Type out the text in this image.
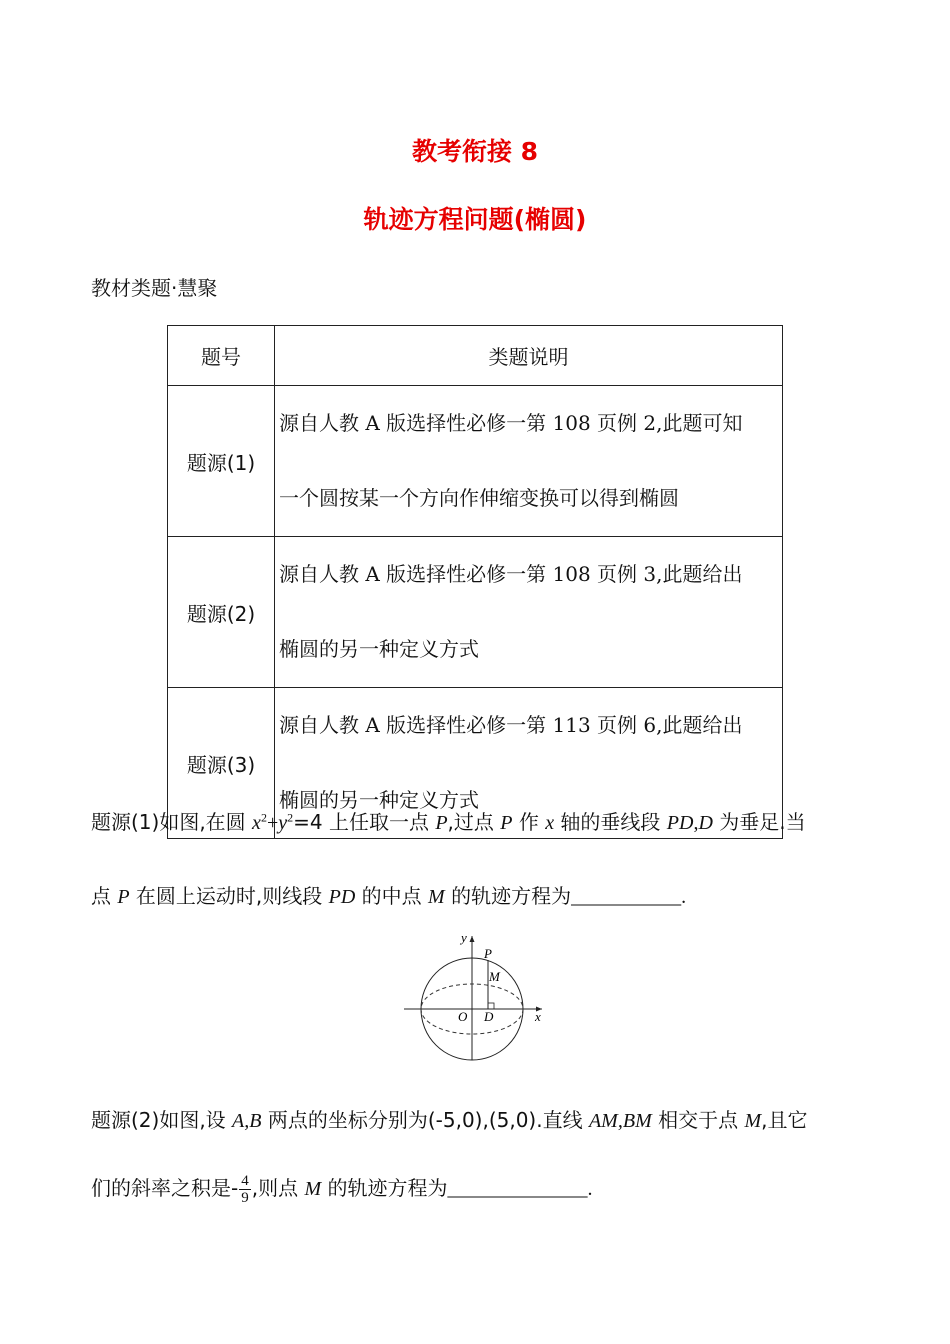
教考衔接 8
轨迹方程问题(椭圆)
教材类题·慧聚
题号	类题说明
题源(1)	源自人教 A 版选择性必修一第 108 页例 2,此题可知
一个圆按某一个方向作伸缩变换可以得到椭圆

题源(2)	源自人教 A 版选择性必修一第 108 页例 3,此题给出
椭圆的另一种定义方式

题源(3)	源自人教 A 版选择性必修一第 113 页例 6,此题给出
椭圆的另一种定义方式
题源(1)如图,在圆 $x^2+y^2=4$ 上任取一点 P,过点 P 作 x 轴的垂线段 PD,D 为垂足.当
点 P 在圆上运动时,则线段 PD 的中点 M 的轨迹方程为___________.
y
x
O D
P
M
题源(2)如图,设 A,B 两点的坐标分别为(-5,0),(5,0).直线 AM,BM 相交于点 M,且它
们的斜率之积是- $\frac{4}{9}$ ,则点 M 的轨迹方程为______________.
